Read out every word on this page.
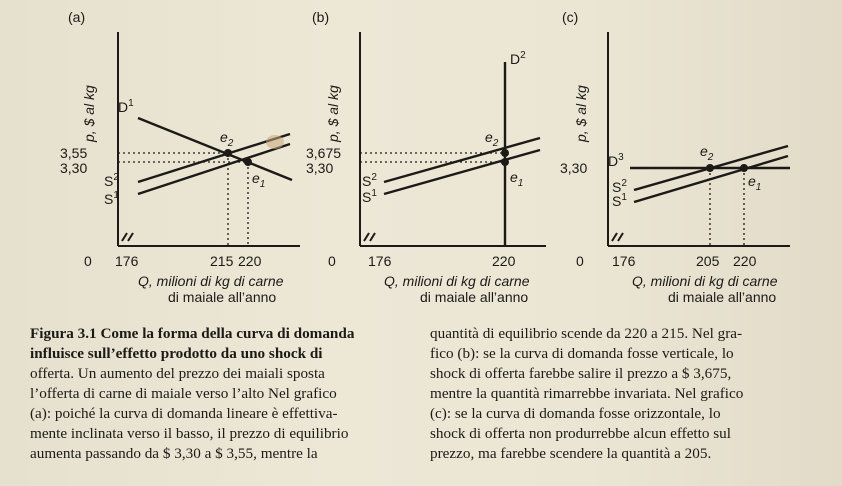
(a)
p, $ al kg $D^1$
$S^2$
$S^1$
$e_2$
$e_1$
3,55
3,30
0 176	215 220
Q, milioni di kg di carne
di maiale all’anno
(b)
p, $ al kg
$D^2$
$S^2$
$S^1$
$e_2$
$e_1$
3,675
3,30
0 176	220
Q, milioni di kg di carne
di maiale all’anno
(c)
p, $ al kg
$D^3$
$S^2$
$S^1$
$e_2$
$e_1$
3,30
0 176	205 220
Q, milioni di kg di carne
di maiale all’anno
Figura 3.1 Come la forma della curva di domanda
influisce sull’effetto prodotto da uno shock di
offerta. Un aumento del prezzo dei maiali sposta
l’offerta di carne di maiale verso l’alto Nel grafico
(a): poiché la curva di domanda lineare è effettiva-
mente inclinata verso il basso, il prezzo di equilibrio
aumenta passando da $ 3,30 a $ 3,55, mentre la
quantità di equilibrio scende da 220 a 215. Nel gra-
fico (b): se la curva di domanda fosse verticale, lo
shock di offerta farebbe salire il prezzo a $ 3,675,
mentre la quantità rimarrebbe invariata. Nel grafico
(c): se la curva di domanda fosse orizzontale, lo
shock di offerta non produrrebbe alcun effetto sul
prezzo, ma farebbe scendere la quantità a 205.
